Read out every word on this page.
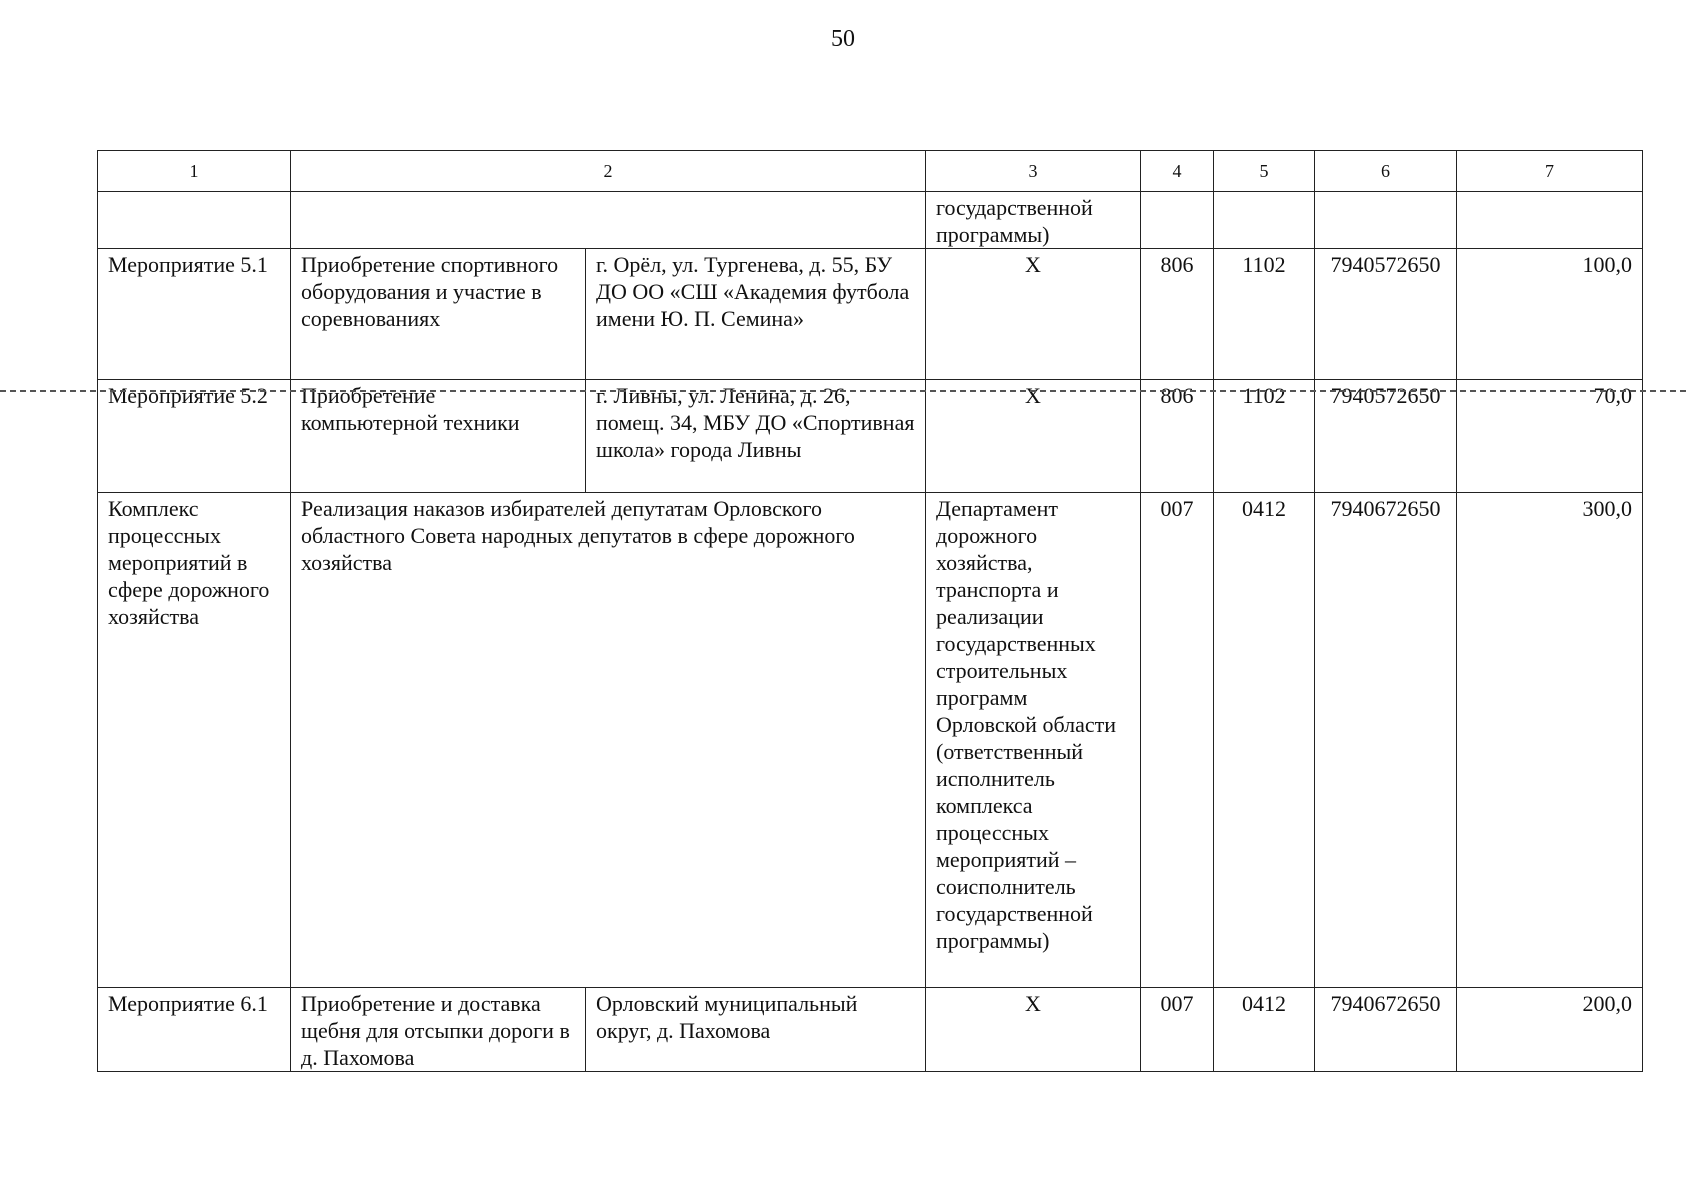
50
1	2		3	4	5	6	7
			государственной программы)				
Мероприятие 5.1	Приобретение спортивного оборудования и участие в соревнованиях	г. Орёл, ул. Тургенева, д. 55, БУ ДО ОО «СШ «Академия футбола имени Ю. П. Семина»	Х	806	1102	7940572650	100,0
Мероприятие 5.2	Приобретение компьютерной техники	г. Ливны, ул. Ленина, д. 26, помещ. 34, МБУ ДО «Спортивная школа» города Ливны	Х	806	1102	7940572650	70,0
Комплекс процессных мероприятий в сфере дорожного хозяйства	Реализация наказов избирателей депутатам Орловского областного Совета народных депутатов в сфере дорожного хозяйства		Департамент дорожного хозяйства, транспорта и реализации государственных строительных программ Орловской области (ответственный исполнитель комплекса процессных мероприятий – соисполнитель государственной программы)	007	0412	7940672650	300,0
Мероприятие 6.1	Приобретение и доставка щебня для отсыпки дороги в д. Пахомова	Орловский муниципальный округ, д. Пахомова	Х	007	0412	7940672650	200,0
